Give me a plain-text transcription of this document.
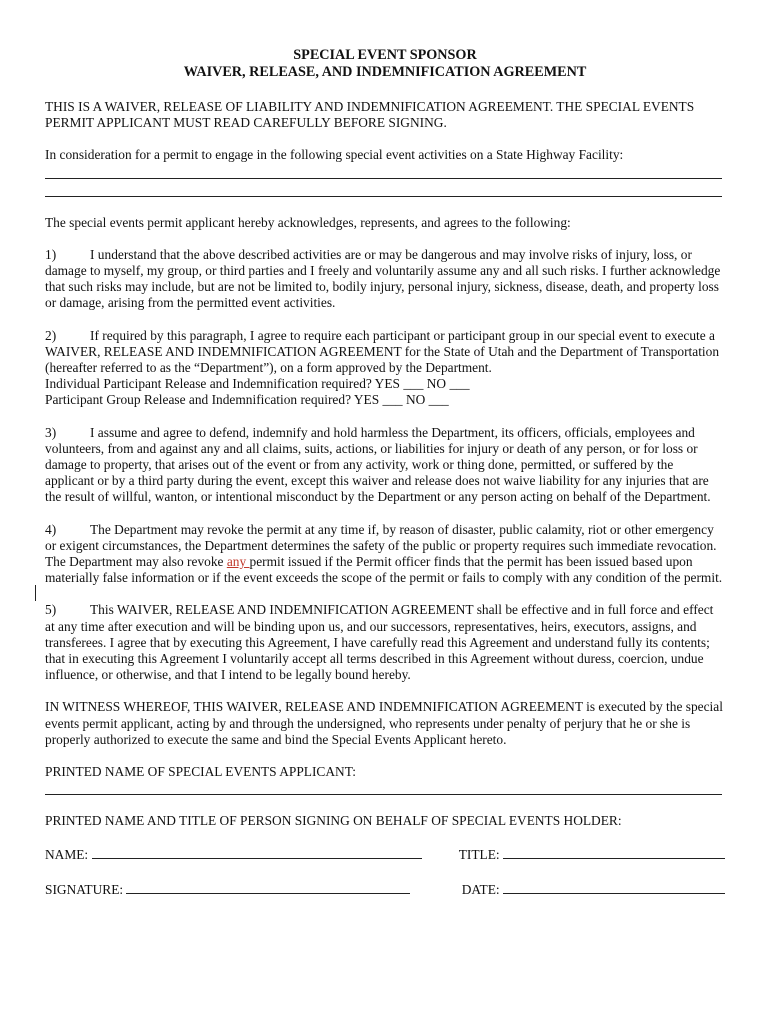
SPECIAL EVENT SPONSOR

WAIVER, RELEASE, AND INDEMNIFICATION AGREEMENT

THIS IS A WAIVER, RELEASE OF LIABILITY AND INDEMNIFICATION AGREEMENT. THE SPECIAL EVENTS PERMIT APPLICANT MUST READ CAREFULLY BEFORE SIGNING.

In consideration for a permit to engage in the following special event activities on a State Highway Facility:

The special events permit applicant hereby acknowledges, represents, and agrees to the following:

1)	I understand that the above described activities are or may be dangerous and may involve risks of injury, loss, or damage to myself, my group, or third parties and I freely and voluntarily assume any and all such risks. I further acknowledge that such risks may include, but are not be limited to, bodily injury, personal injury, sickness, disease, death, and property loss or damage, arising from the permitted event activities.

2)	If required by this paragraph, I agree to require each participant or participant group in our special event to execute a WAIVER, RELEASE AND INDEMNIFICATION AGREEMENT for the State of Utah and the Department of Transportation (hereafter referred to as the “Department”), on a form approved by the Department.

Individual Participant Release and Indemnification required? YES ___ NO ___

Participant Group Release and Indemnification required? YES ___ NO ___

3)	I assume and agree to defend, indemnify and hold harmless the Department, its officers, officials, employees and volunteers, from and against any and all claims, suits, actions, or liabilities for injury or death of any person, or for loss or damage to property, that arises out of the event or from any activity, work or thing done, permitted, or suffered by the applicant or by a third party during the event, except this waiver and release does not waive liability for any injuries that are the result of willful, wanton, or intentional misconduct by the Department or any person acting on behalf of the Department.

4)	The Department may revoke the permit at any time if, by reason of disaster, public calamity, riot or other emergency or exigent circumstances, the Department determines the safety of the public or property requires such immediate revocation. The Department may also revoke any permit issued if the Permit officer finds that the permit has been issued based upon materially false information or if the event exceeds the scope of the permit or fails to comply with any condition of the permit.

5)	This WAIVER, RELEASE AND INDEMNIFICATION AGREEMENT shall be effective and in full force and effect at any time after execution and will be binding upon us, and our successors, representatives, heirs, executors, assigns, and transferees. I agree that by executing this Agreement, I have carefully read this Agreement and understand fully its contents; that in executing this Agreement I voluntarily accept all terms described in this Agreement without duress, coercion, undue influence, or otherwise, and that I intend to be legally bound hereby.

IN WITNESS WHEREOF, THIS WAIVER, RELEASE AND INDEMNIFICATION AGREEMENT is executed by the special events permit applicant, acting by and through the undersigned, who represents under penalty of perjury that he or she is properly authorized to execute the same and bind the Special Events Applicant hereto.

PRINTED NAME OF SPECIAL EVENTS APPLICANT:

PRINTED NAME AND TITLE OF PERSON SIGNING ON BEHALF OF SPECIAL EVENTS HOLDER:

NAME:	TITLE:
SIGNATURE:	DATE:
